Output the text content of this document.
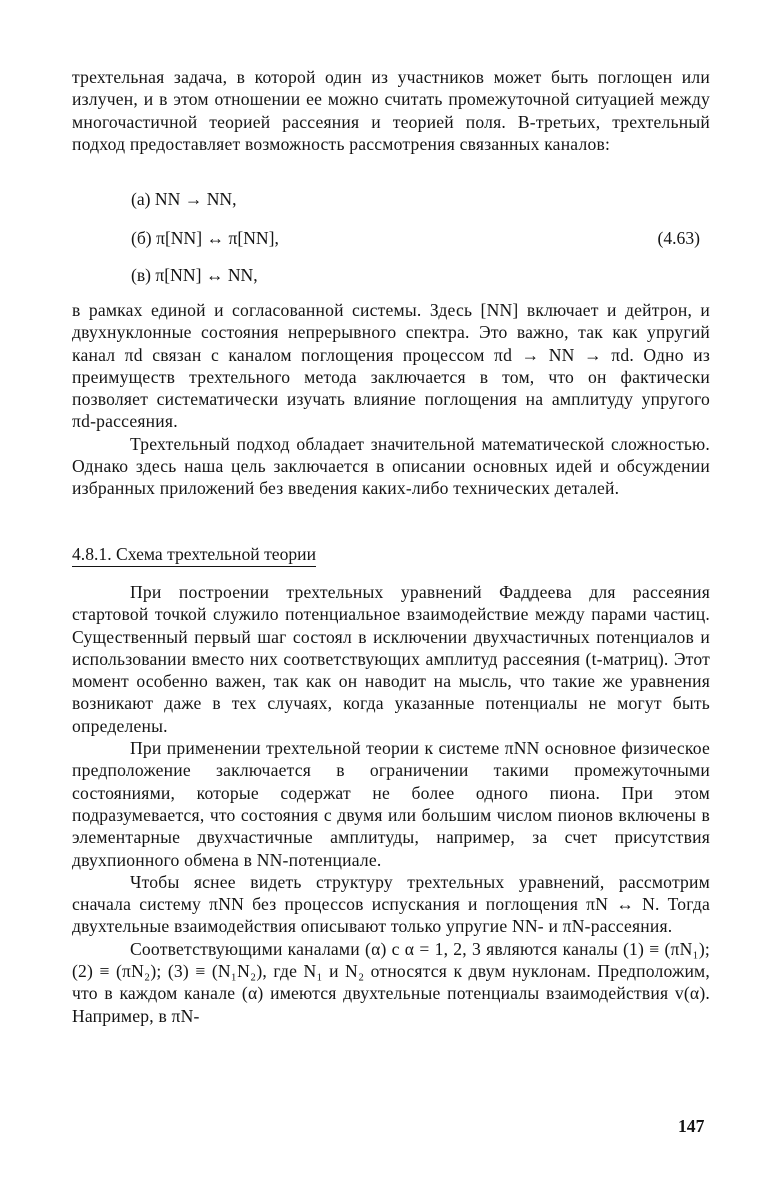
трехтельная задача, в которой один из участников может быть поглощен или излучен, и в этом отношении ее можно считать промежуточной ситуацией между многочастичной теорией рассеяния и теорией поля. В-третьих, трехтельный подход предоставляет возможность рассмотрения связанных каналов:

(а) NN → NN,
(б) π[NN] ↔ π[NN],	(4.63)
(в) π[NN] ↔ NN,

в рамках единой и согласованной системы. Здесь [NN] включает и дейтрон, и двухнуклонные состояния непрерывного спектра. Это важно, так как упругий канал πd связан с каналом поглощения процессом πd → NN → πd. Одно из преимуществ трехтельного метода заключается в том, что он фактически позволяет систематически изучать влияние поглощения на амплитуду упругого πd-рассеяния.

Трехтельный подход обладает значительной математической сложностью. Однако здесь наша цель заключается в описании основных идей и обсуждении избранных приложений без введения каких-либо технических деталей.

4.8.1. Схема трехтельной теории

При построении трехтельных уравнений Фаддеева для рассеяния стартовой точкой служило потенциальное взаимодействие между парами частиц. Существенный первый шаг состоял в исключении двухчастичных потенциалов и использовании вместо них соответствующих амплитуд рассеяния (t-матриц). Этот момент особенно важен, так как он наводит на мысль, что такие же уравнения возникают даже в тех случаях, когда указанные потенциалы не могут быть определены.

При применении трехтельной теории к системе πNN основное физическое предположение заключается в ограничении такими промежуточными состояниями, которые содержат не более одного пиона. При этом подразумевается, что состояния с двумя или большим числом пионов включены в элементарные двухчастичные амплитуды, например, за счет присутствия двухпионного обмена в NN-потенциале.

Чтобы яснее видеть структуру трехтельных уравнений, рассмотрим сначала систему πNN без процессов испускания и поглощения πN ↔ N. Тогда двухтельные взаимодействия описывают только упругие NN- и πN-рассеяния.

Соответствующими каналами (α) с α = 1, 2, 3 являются каналы (1) ≡ (πN₁); (2) ≡ (πN₂); (3) ≡ (N₁N₂), где N₁ и N₂ относятся к двум нуклонам. Предположим, что в каждом канале (α) имеются двухтельные потенциалы взаимодействия v(α). Например, в πN-

147
